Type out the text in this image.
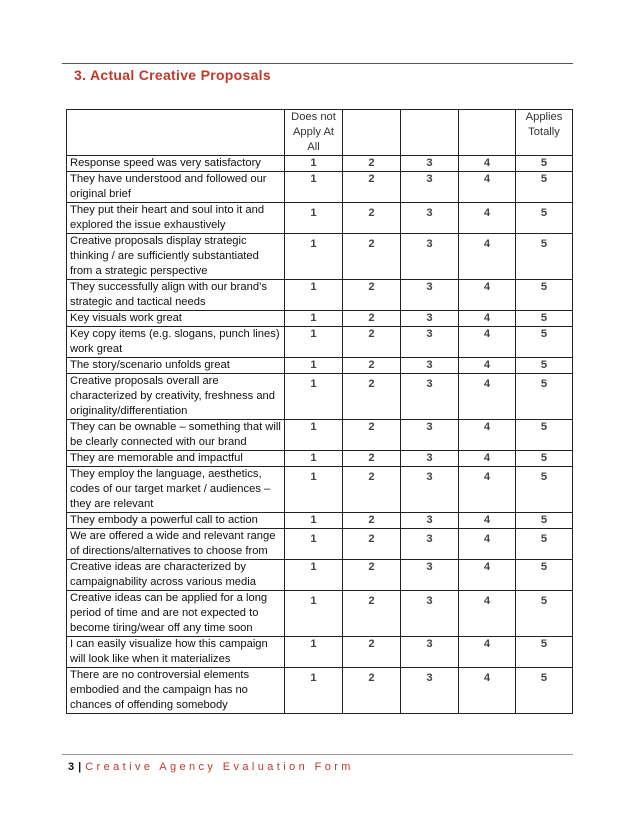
3. Actual Creative Proposals
	Does not Apply At All				Applies Totally
Response speed was very satisfactory	1	2	3	4	5
They have understood and followed our original brief	1	2	3	4	5
They put their heart and soul into it and explored the issue exhaustively	1	2	3	4	5
Creative proposals display strategic thinking / are sufficiently substantiated from a strategic perspective	1	2	3	4	5
They successfully align with our brand’s strategic and tactical needs	1	2	3	4	5
Key visuals work great	1	2	3	4	5
Key copy items (e.g. slogans, punch lines) work great	1	2	3	4	5
The story/scenario unfolds great	1	2	3	4	5
Creative proposals overall are characterized by creativity, freshness and originality/differentiation	1	2	3	4	5
They can be ownable – something that will be clearly connected with our brand	1	2	3	4	5
They are memorable and impactful	1	2	3	4	5
They employ the language, aesthetics, codes of our target market / audiences – they are relevant	1	2	3	4	5
They embody a powerful call to action	1	2	3	4	5
We are offered a wide and relevant range of directions/alternatives to choose from	1	2	3	4	5
Creative ideas are characterized by campaignability across various media	1	2	3	4	5
Creative ideas can be applied for a long period of time and are not expected to become tiring/wear off any time soon	1	2	3	4	5
I can easily visualize how this campaign will look like when it materializes	1	2	3	4	5
There are no controversial elements embodied and the campaign has no chances of offending somebody	1	2	3	4	5
3 | Creative Agency Evaluation Form
